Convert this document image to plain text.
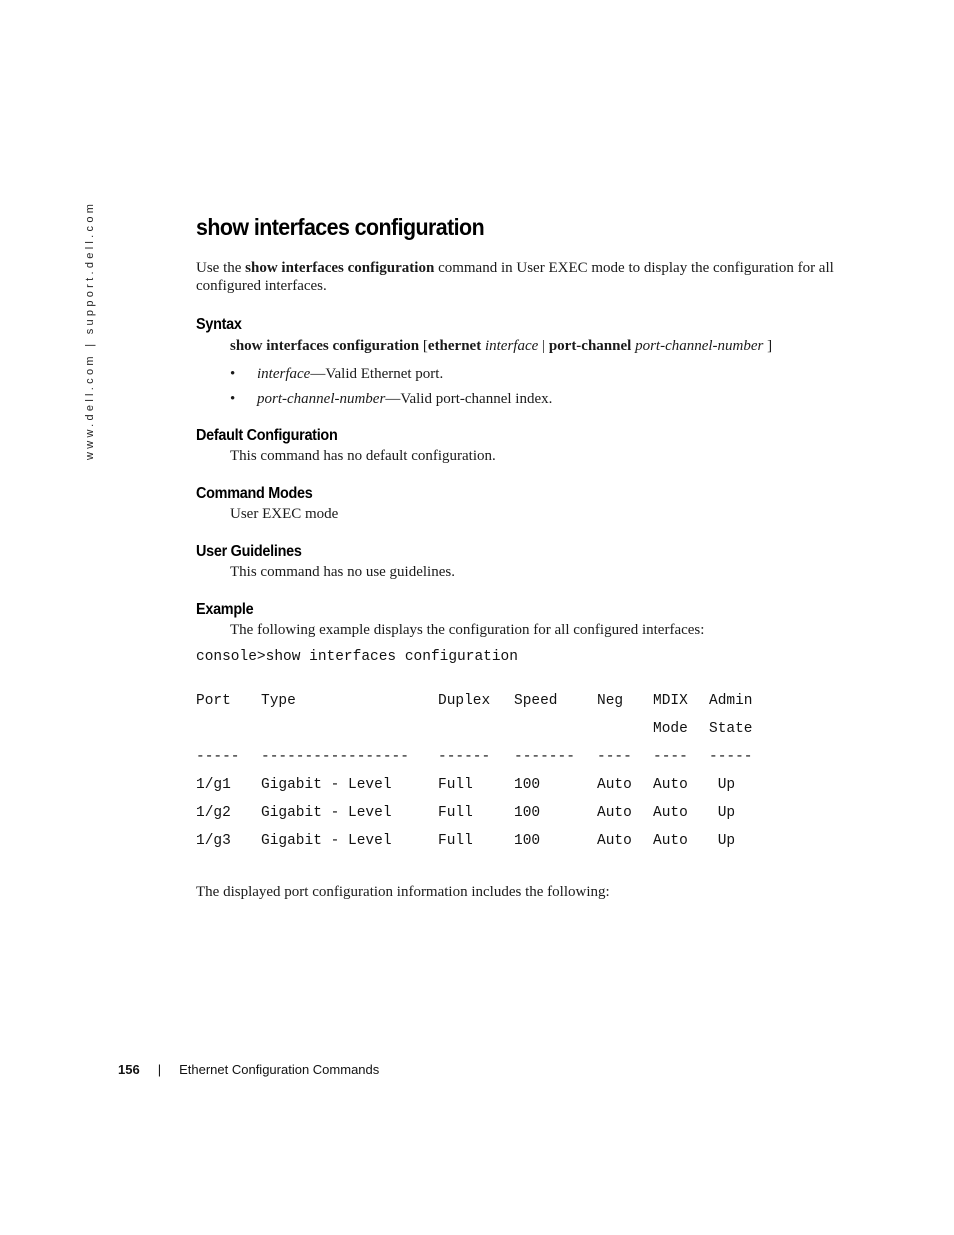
www.dell.com | support.dell.com	show interfaces configuration

Use the show interfaces configuration command in User EXEC mode to display the configuration for all configured interfaces.

Syntax
show interfaces configuration [ethernet interface | port-channel port-channel-number ]
• interface—Valid Ethernet port.
• port-channel-number—Valid port-channel index.
Default Configuration
This command has no default configuration.
Command Modes
User EXEC mode
User Guidelines
This command has no use guidelines.
Example
The following example displays the configuration for all configured interfaces:
console>show interfaces configuration
Port	Type	Duplex	Speed	Neg	MDIX	Admin
					Mode	State
-----	-----------------	------	-------	----	----	-----
1/g1	Gigabit - Level	Full	100	Auto	Auto	Up
1/g2	Gigabit - Level	Full	100	Auto	Auto	Up
1/g3	Gigabit - Level	Full	100	Auto	Auto	Up
The displayed port configuration information includes the following:
156 | Ethernet Configuration Commands
